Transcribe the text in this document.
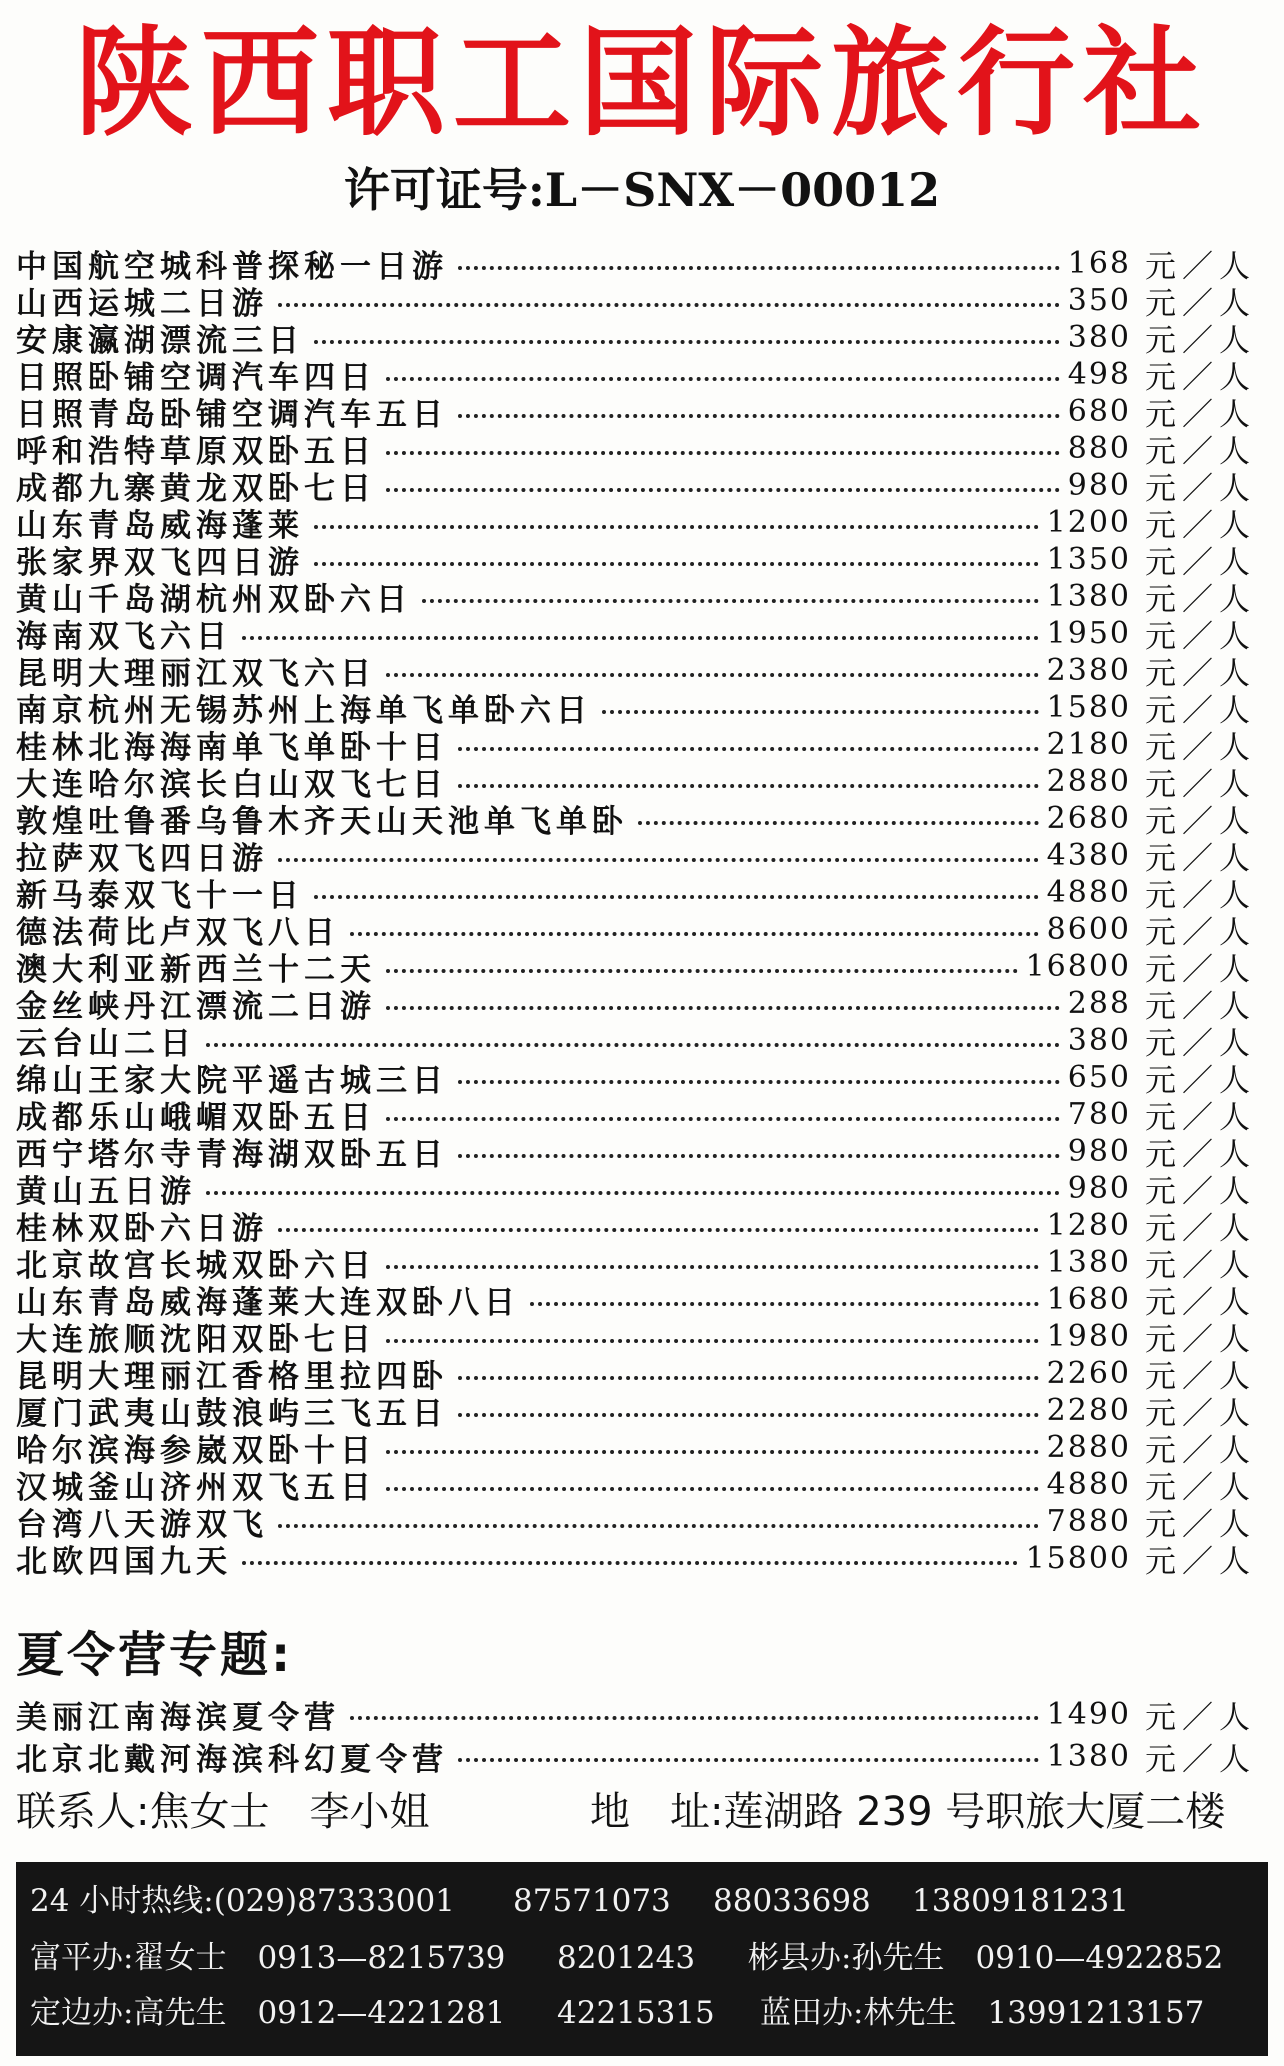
陕西职工国际旅行社
许可证号:L－SNX－00012
中国航空城科普探秘一日游	168 元／人
山西运城二日游	350 元／人
安康瀛湖漂流三日	380 元／人
日照卧铺空调汽车四日	498 元／人
日照青岛卧铺空调汽车五日	680 元／人
呼和浩特草原双卧五日	880 元／人
成都九寨黄龙双卧七日	980 元／人
山东青岛威海蓬莱	1200 元／人
张家界双飞四日游	1350 元／人
黄山千岛湖杭州双卧六日	1380 元／人
海南双飞六日	1950 元／人
昆明大理丽江双飞六日	2380 元／人
南京杭州无锡苏州上海单飞单卧六日	1580 元／人
桂林北海海南单飞单卧十日	2180 元／人
大连哈尔滨长白山双飞七日	2880 元／人
敦煌吐鲁番乌鲁木齐天山天池单飞单卧	2680 元／人
拉萨双飞四日游	4380 元／人
新马泰双飞十一日	4880 元／人
德法荷比卢双飞八日	8600 元／人
澳大利亚新西兰十二天	16800 元／人
金丝峡丹江漂流二日游	288 元／人
云台山二日	380 元／人
绵山王家大院平遥古城三日	650 元／人
成都乐山峨嵋双卧五日	780 元／人
西宁塔尔寺青海湖双卧五日	980 元／人
黄山五日游	980 元／人
桂林双卧六日游	1280 元／人
北京故宫长城双卧六日	1380 元／人
山东青岛威海蓬莱大连双卧八日	1680 元／人
大连旅顺沈阳双卧七日	1980 元／人
昆明大理丽江香格里拉四卧	2260 元／人
厦门武夷山鼓浪屿三飞五日	2280 元／人
哈尔滨海参崴双卧十日	2880 元／人
汉城釜山济州双飞五日	4880 元／人
台湾八天游双飞	7880 元／人
北欧四国九天	15800 元／人
夏令营专题:
美丽江南海滨夏令营	1490 元／人
北京北戴河海滨科幻夏令营	1380 元／人
联系人:焦女士　李小姐	地　址:莲湖路 239 号职旅大厦二楼
24 小时热线:(029)87333001 87571073 88033698 13809181231
富平办:翟女士　0913—8215739 8201243 彬县办:孙先生　0910—4922852
定边办:高先生　0912—4221281 42215315 蓝田办:林先生　13991213157
